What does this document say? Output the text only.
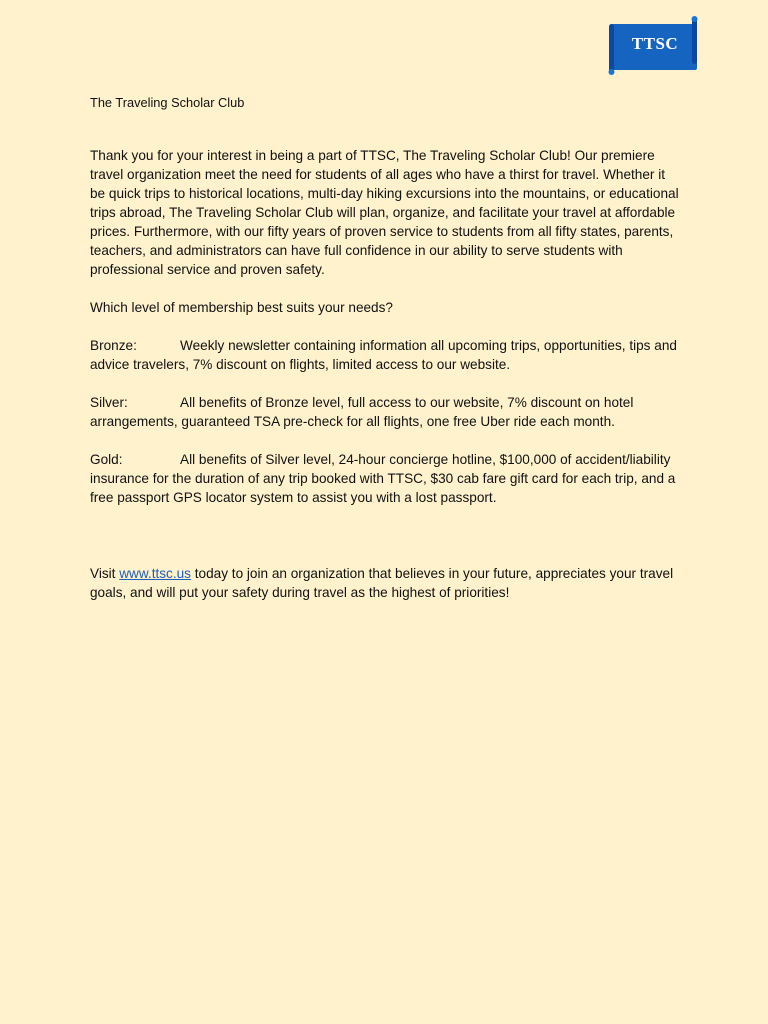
TTSC

The Traveling Scholar Club

Thank you for your interest in being a part of TTSC, The Traveling Scholar Club! Our premiere travel organization meet the need for students of all ages who have a thirst for travel. Whether it be quick trips to historical locations, multi-day hiking excursions into the mountains, or educational trips abroad, The Traveling Scholar Club will plan, organize, and facilitate your travel at affordable prices. Furthermore, with our fifty years of proven service to students from all fifty states, parents, teachers, and administrators can have full confidence in our ability to serve students with professional service and proven safety.

Which level of membership best suits your needs?

Bronze:	Weekly newsletter containing information all upcoming trips, opportunities, tips and advice travelers, 7% discount on flights, limited access to our website.

Silver:	All benefits of Bronze level, full access to our website, 7% discount on hotel arrangements, guaranteed TSA pre-check for all flights, one free Uber ride each month.

Gold:	All benefits of Silver level, 24-hour concierge hotline, $100,000 of accident/liability insurance for the duration of any trip booked with TTSC, $30 cab fare gift card for each trip, and a free passport GPS locator system to assist you with a lost passport.

Visit www.ttsc.us today to join an organization that believes in your future, appreciates your travel goals, and will put your safety during travel as the highest of priorities!
